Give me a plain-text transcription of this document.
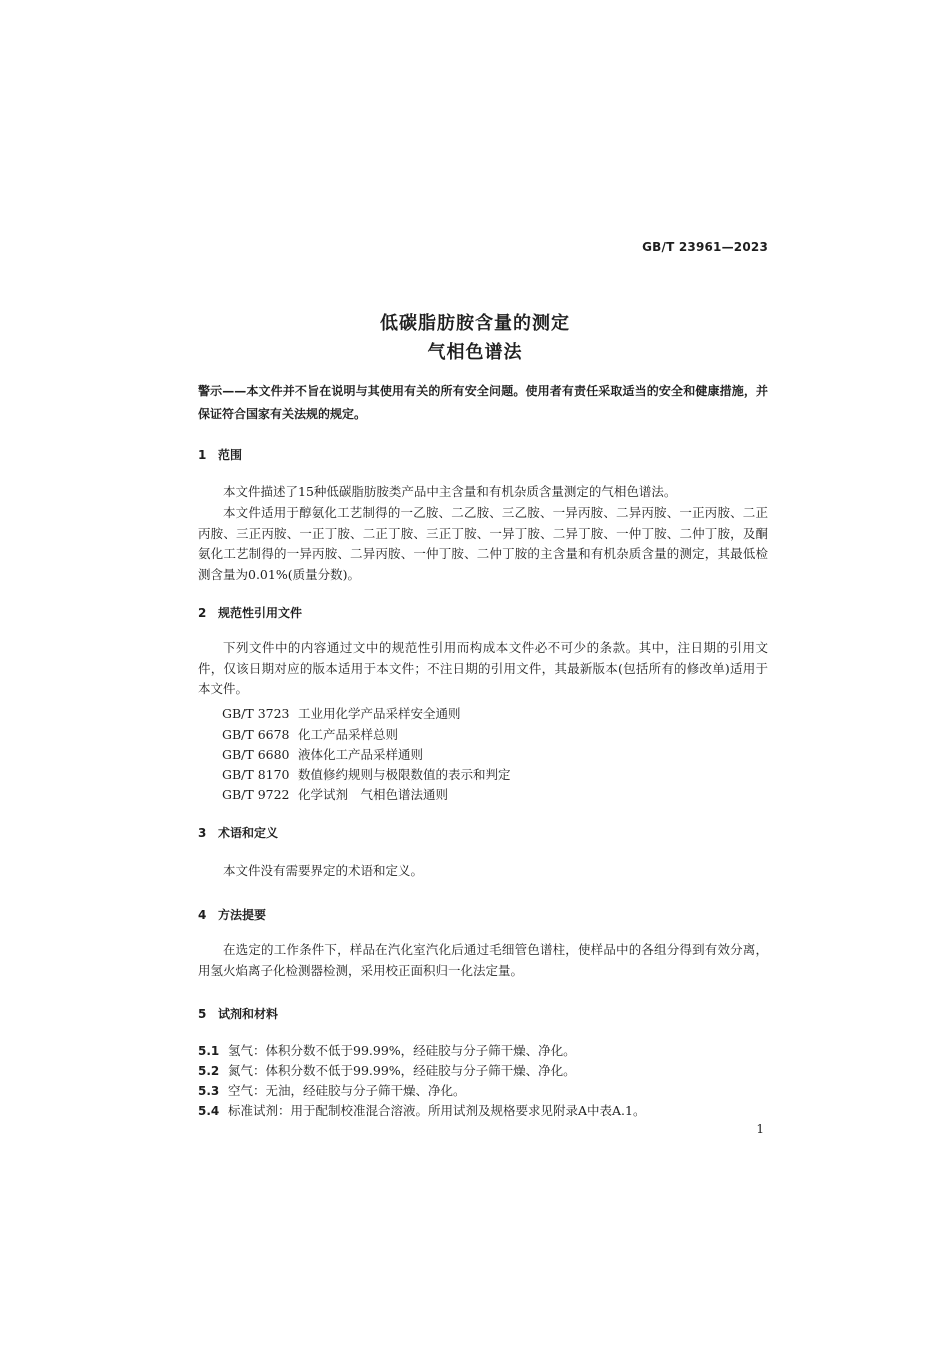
GB/T 23961—2023
低碳脂肪胺含量的测定
气相色谱法
警示——本文件并不旨在说明与其使用有关的所有安全问题。使用者有责任采取适当的安全和健康措施，并保证符合国家有关法规的规定。
1 范围
本文件描述了15种低碳脂肪胺类产品中主含量和有机杂质含量测定的气相色谱法。
本文件适用于醇氨化工艺制得的一乙胺、二乙胺、三乙胺、一异丙胺、二异丙胺、一正丙胺、二正丙胺、三正丙胺、一正丁胺、二正丁胺、三正丁胺、一异丁胺、二异丁胺、一仲丁胺、二仲丁胺，及酮氨化工艺制得的一异丙胺、二异丙胺、一仲丁胺、二仲丁胺的主含量和有机杂质含量的测定，其最低检测含量为0.01%(质量分数)。
2 规范性引用文件
下列文件中的内容通过文中的规范性引用而构成本文件必不可少的条款。其中，注日期的引用文件，仅该日期对应的版本适用于本文件；不注日期的引用文件，其最新版本(包括所有的修改单)适用于本文件。
GB/T 3723 工业用化学产品采样安全通则
GB/T 6678 化工产品采样总则
GB/T 6680 液体化工产品采样通则
GB/T 8170 数值修约规则与极限数值的表示和判定
GB/T 9722 化学试剂　气相色谱法通则
3 术语和定义
本文件没有需要界定的术语和定义。
4 方法提要
在选定的工作条件下，样品在汽化室汽化后通过毛细管色谱柱，使样品中的各组分得到有效分离，用氢火焰离子化检测器检测，采用校正面积归一化法定量。
5 试剂和材料
5.1 氢气：体积分数不低于99.99%，经硅胶与分子筛干燥、净化。
5.2 氮气：体积分数不低于99.99%，经硅胶与分子筛干燥、净化。
5.3 空气：无油，经硅胶与分子筛干燥、净化。
5.4 标准试剂：用于配制校准混合溶液。所用试剂及规格要求见附录A中表A.1。
1
